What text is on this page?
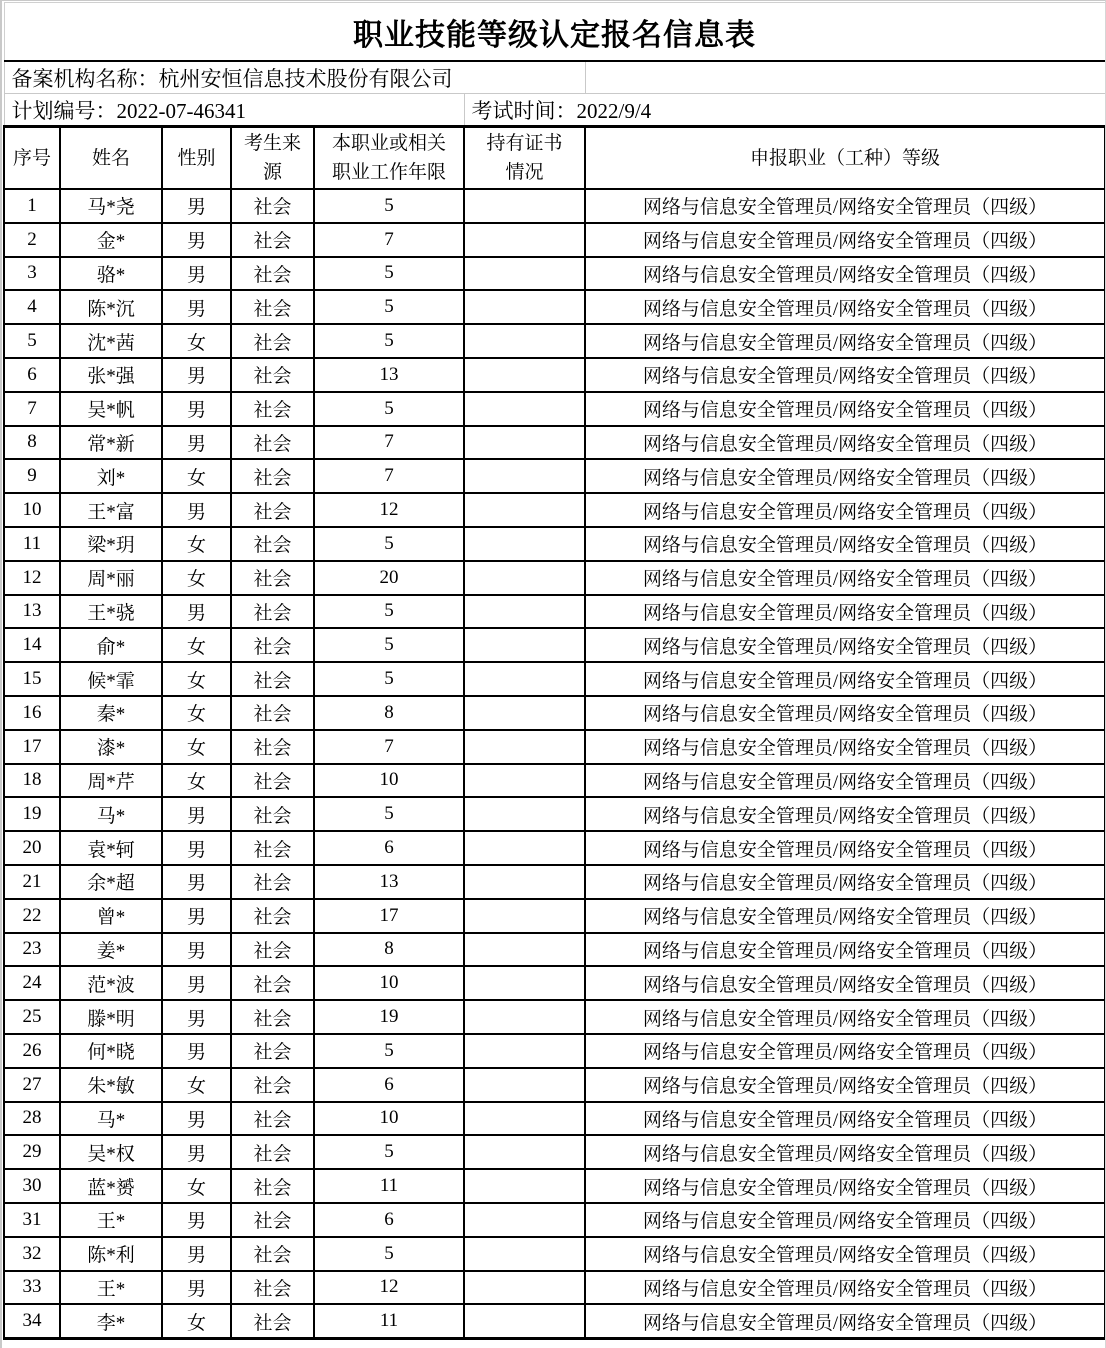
职业技能等级认定报名信息表						
备案机构名称：杭州安恒信息技术股份有限公司						
计划编号：2022-07-46341					考试时间：2022/9/4	
序号	姓名	性别	考生来源	本职业或相关职业工作年限	持有证书情况	申报职业（工种）等级
1	马*尧	男	社会	5		网络与信息安全管理员/网络安全管理员（四级）
2	金*	男	社会	7		网络与信息安全管理员/网络安全管理员（四级）
3	骆*	男	社会	5		网络与信息安全管理员/网络安全管理员（四级）
4	陈*沉	男	社会	5		网络与信息安全管理员/网络安全管理员（四级）
5	沈*茜	女	社会	5		网络与信息安全管理员/网络安全管理员（四级）
6	张*强	男	社会	13		网络与信息安全管理员/网络安全管理员（四级）
7	吴*帆	男	社会	5		网络与信息安全管理员/网络安全管理员（四级）
8	常*新	男	社会	7		网络与信息安全管理员/网络安全管理员（四级）
9	刘*	女	社会	7		网络与信息安全管理员/网络安全管理员（四级）
10	王*富	男	社会	12		网络与信息安全管理员/网络安全管理员（四级）
11	梁*玥	女	社会	5		网络与信息安全管理员/网络安全管理员（四级）
12	周*丽	女	社会	20		网络与信息安全管理员/网络安全管理员（四级）
13	王*骁	男	社会	5		网络与信息安全管理员/网络安全管理员（四级）
14	俞*	女	社会	5		网络与信息安全管理员/网络安全管理员（四级）
15	候*霏	女	社会	5		网络与信息安全管理员/网络安全管理员（四级）
16	秦*	女	社会	8		网络与信息安全管理员/网络安全管理员（四级）
17	漆*	女	社会	7		网络与信息安全管理员/网络安全管理员（四级）
18	周*芹	女	社会	10		网络与信息安全管理员/网络安全管理员（四级）
19	马*	男	社会	5		网络与信息安全管理员/网络安全管理员（四级）
20	袁*轲	男	社会	6		网络与信息安全管理员/网络安全管理员（四级）
21	余*超	男	社会	13		网络与信息安全管理员/网络安全管理员（四级）
22	曾*	男	社会	17		网络与信息安全管理员/网络安全管理员（四级）
23	姜*	男	社会	8		网络与信息安全管理员/网络安全管理员（四级）
24	范*波	男	社会	10		网络与信息安全管理员/网络安全管理员（四级）
25	滕*明	男	社会	19		网络与信息安全管理员/网络安全管理员（四级）
26	何*晓	男	社会	5		网络与信息安全管理员/网络安全管理员（四级）
27	朱*敏	女	社会	6		网络与信息安全管理员/网络安全管理员（四级）
28	马*	男	社会	10		网络与信息安全管理员/网络安全管理员（四级）
29	吴*权	男	社会	5		网络与信息安全管理员/网络安全管理员（四级）
30	蓝*赟	女	社会	11		网络与信息安全管理员/网络安全管理员（四级）
31	王*	男	社会	6		网络与信息安全管理员/网络安全管理员（四级）
32	陈*利	男	社会	5		网络与信息安全管理员/网络安全管理员（四级）
33	王*	男	社会	12		网络与信息安全管理员/网络安全管理员（四级）
34	李*	女	社会	11		网络与信息安全管理员/网络安全管理员（四级）
